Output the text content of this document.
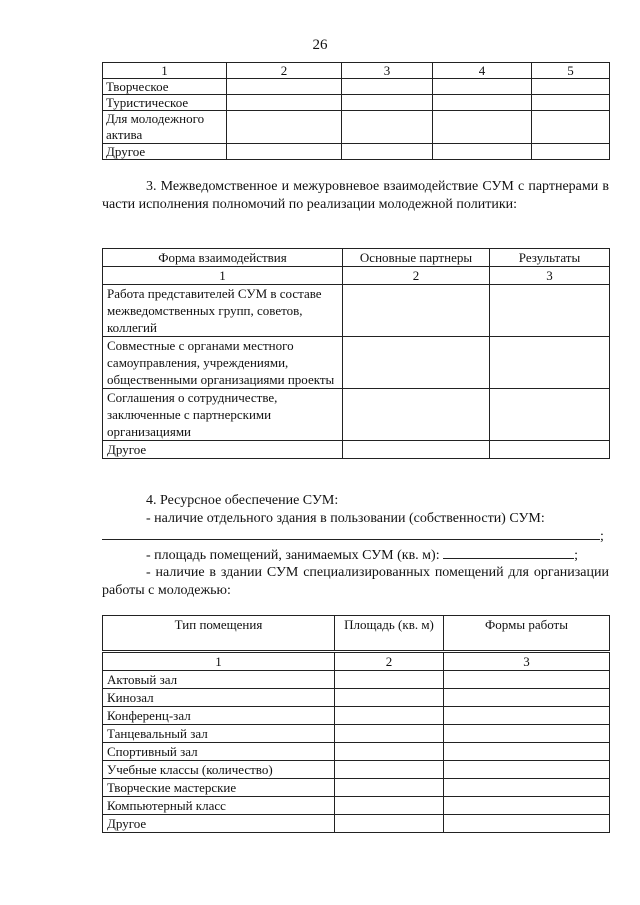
26
1	2	3	4	5
Творческое				
Туристическое				
Для молодежного актива				
Другое				

3. Межведомственное и межуровневое взаимодействие СУМ с партнерами в части исполнения полномочий по реализации молодежной политики:

Форма взаимодействия	Основные партнеры	Результаты
1	2	3
Работа представителей СУМ в составе межведомственных групп, советов, коллегий		
Совместные с органами местного самоуправления, учреждениями, общественными организациями проекты		
Соглашения о сотрудничестве, заключенные с партнерскими организациями		
Другое		

4. Ресурсное обеспечение СУМ:

- наличие отдельного здания в пользовании (собственности) СУМ:

;

- площадь помещений, занимаемых СУМ (кв. м):	;

- наличие в здании СУМ специализированных помещений для организации работы с молодежью:

Тип помещения	Площадь (кв. м)	Формы работы
1	2	3
Актовый зал		
Кинозал		
Конференц-зал		
Танцевальный зал		
Спортивный зал		
Учебные классы (количество)		
Творческие мастерские		
Компьютерный класс		
Другое		
